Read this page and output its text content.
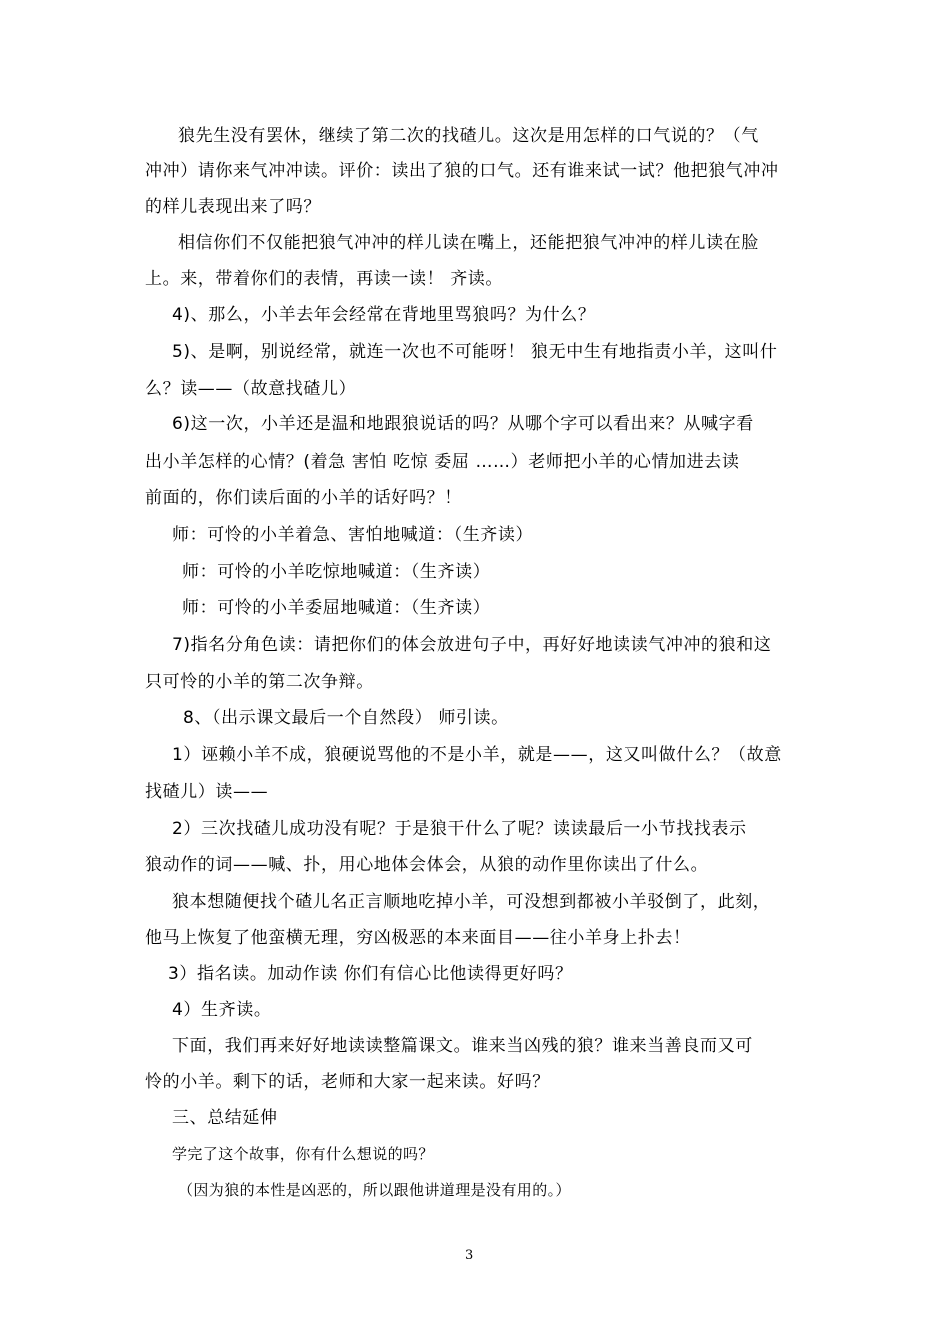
狼先生没有罢休，继续了第二次的找碴儿。这次是用怎样的口气说的？（气
冲冲）请你来气冲冲读。评价：读出了狼的口气。还有谁来试一试？他把狼气冲冲
的样儿表现出来了吗？
相信你们不仅能把狼气冲冲的样儿读在嘴上，还能把狼气冲冲的样儿读在脸
上。来，带着你们的表情，再读一读！ 齐读。
4)、那么，小羊去年会经常在背地里骂狼吗？为什么？
5)、是啊，别说经常，就连一次也不可能呀！ 狼无中生有地指责小羊，这叫什
么？读——（故意找碴儿）
6)这一次，小羊还是温和地跟狼说话的吗？从哪个字可以看出来？从喊字看
出小羊怎样的心情？(着急 害怕 吃惊 委屈 ……）老师把小羊的心情加进去读
前面的，你们读后面的小羊的话好吗？！
师：可怜的小羊着急、害怕地喊道：（生齐读）
师：可怜的小羊吃惊地喊道：（生齐读）
师：可怜的小羊委屈地喊道：（生齐读）
7)指名分角色读：请把你们的体会放进句子中，再好好地读读气冲冲的狼和这
只可怜的小羊的第二次争辩。
8、（出示课文最后一个自然段） 师引读。
1）诬赖小羊不成，狼硬说骂他的不是小羊，就是——，这又叫做什么？（故意
找碴儿）读——
2）三次找碴儿成功没有呢？于是狼干什么了呢？读读最后一小节找找表示
狼动作的词——喊、扑，用心地体会体会，从狼的动作里你读出了什么。
狼本想随便找个碴儿名正言顺地吃掉小羊，可没想到都被小羊驳倒了，此刻，
他马上恢复了他蛮横无理，穷凶极恶的本来面目——往小羊身上扑去！
3）指名读。加动作读 你们有信心比他读得更好吗？
4）生齐读。
下面，我们再来好好地读读整篇课文。谁来当凶残的狼？谁来当善良而又可
怜的小羊。剩下的话，老师和大家一起来读。好吗？
三、总结延伸
学完了这个故事，你有什么想说的吗？
（因为狼的本性是凶恶的，所以跟他讲道理是没有用的。）
3
